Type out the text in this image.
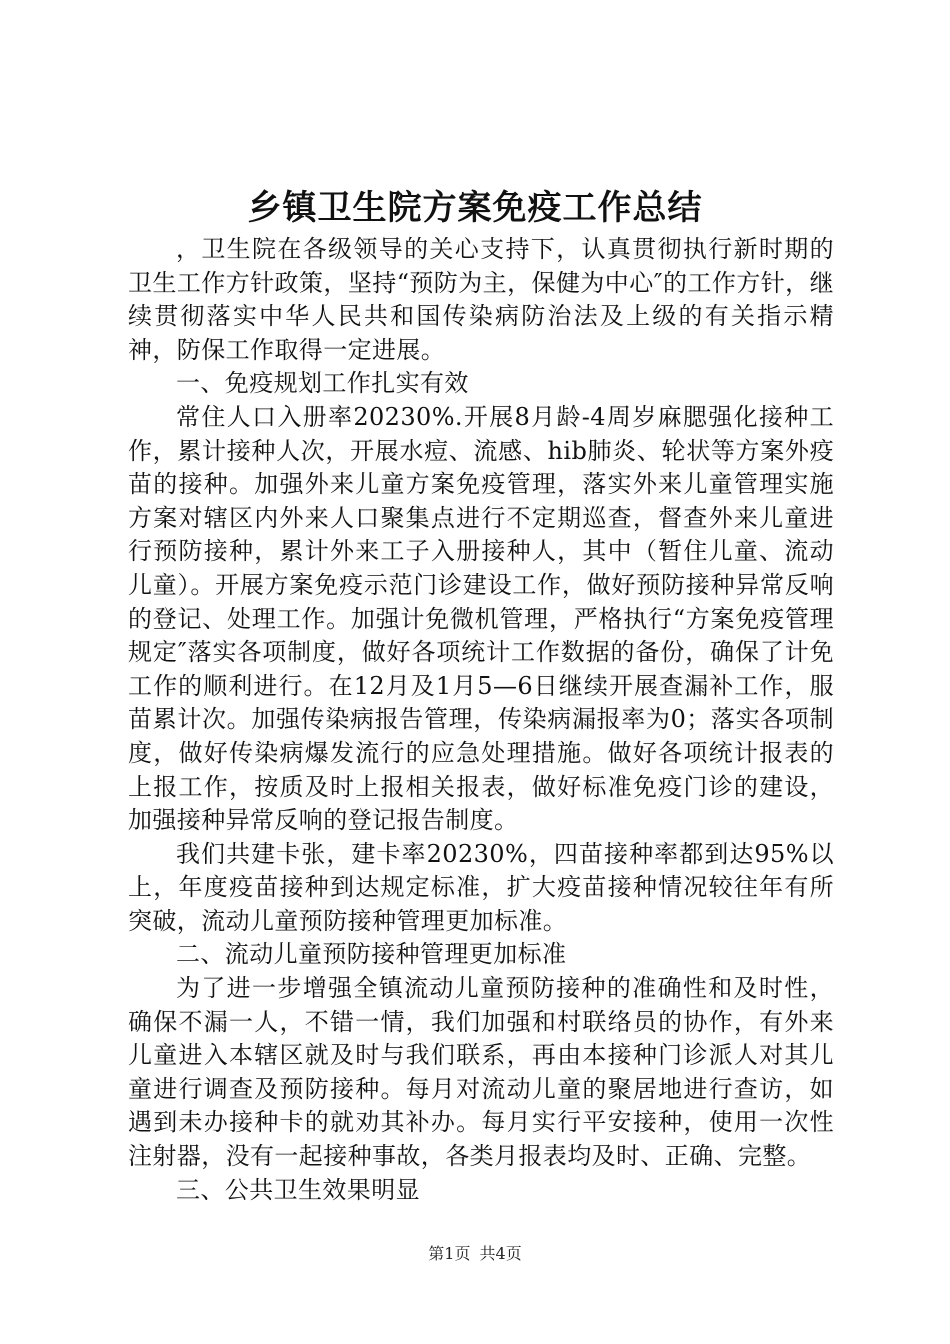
乡镇卫生院方案免疫工作总结

，卫生院在各级领导的关心支持下，认真贯彻执行新时期的卫生工作方针政策，坚持“预防为主，保健为中心″的工作方针，继续贯彻落实中华人民共和国传染病防治法及上级的有关指示精神，防保工作取得一定进展。

一、免疫规划工作扎实有效

常住人口入册率20230%.开展8月龄-4周岁麻腮强化接种工作，累计接种人次，开展水痘、流感、hib肺炎、轮状等方案外疫苗的接种。加强外来儿童方案免疫管理，落实外来儿童管理实施方案对辖区内外来人口聚集点进行不定期巡查，督查外来儿童进行预防接种，累计外来工子入册接种人，其中（暂住儿童、流动儿童）。开展方案免疫示范门诊建设工作，做好预防接种异常反响的登记、处理工作。加强计免微机管理，严格执行“方案免疫管理规定″落实各项制度，做好各项统计工作数据的备份，确保了计免工作的顺利进行。在12月及1月5—6日继续开展查漏补工作，服苗累计次。加强传染病报告管理，传染病漏报率为0；落实各项制度，做好传染病爆发流行的应急处理措施。做好各项统计报表的上报工作，按质及时上报相关报表，做好标准免疫门诊的建设，加强接种异常反响的登记报告制度。

我们共建卡张，建卡率20230%，四苗接种率都到达95%以上，年度疫苗接种到达规定标准，扩大疫苗接种情况较往年有所突破，流动儿童预防接种管理更加标准。

二、流动儿童预防接种管理更加标准

为了进一步增强全镇流动儿童预防接种的准确性和及时性，确保不漏一人，不错一情，我们加强和村联络员的协作，有外来儿童进入本辖区就及时与我们联系，再由本接种门诊派人对其儿童进行调查及预防接种。每月对流动儿童的聚居地进行查访，如遇到未办接种卡的就劝其补办。每月实行平安接种，使用一次性注射器，没有一起接种事故，各类月报表均及时、正确、完整。

三、公共卫生效果明显

第1页 共4页
